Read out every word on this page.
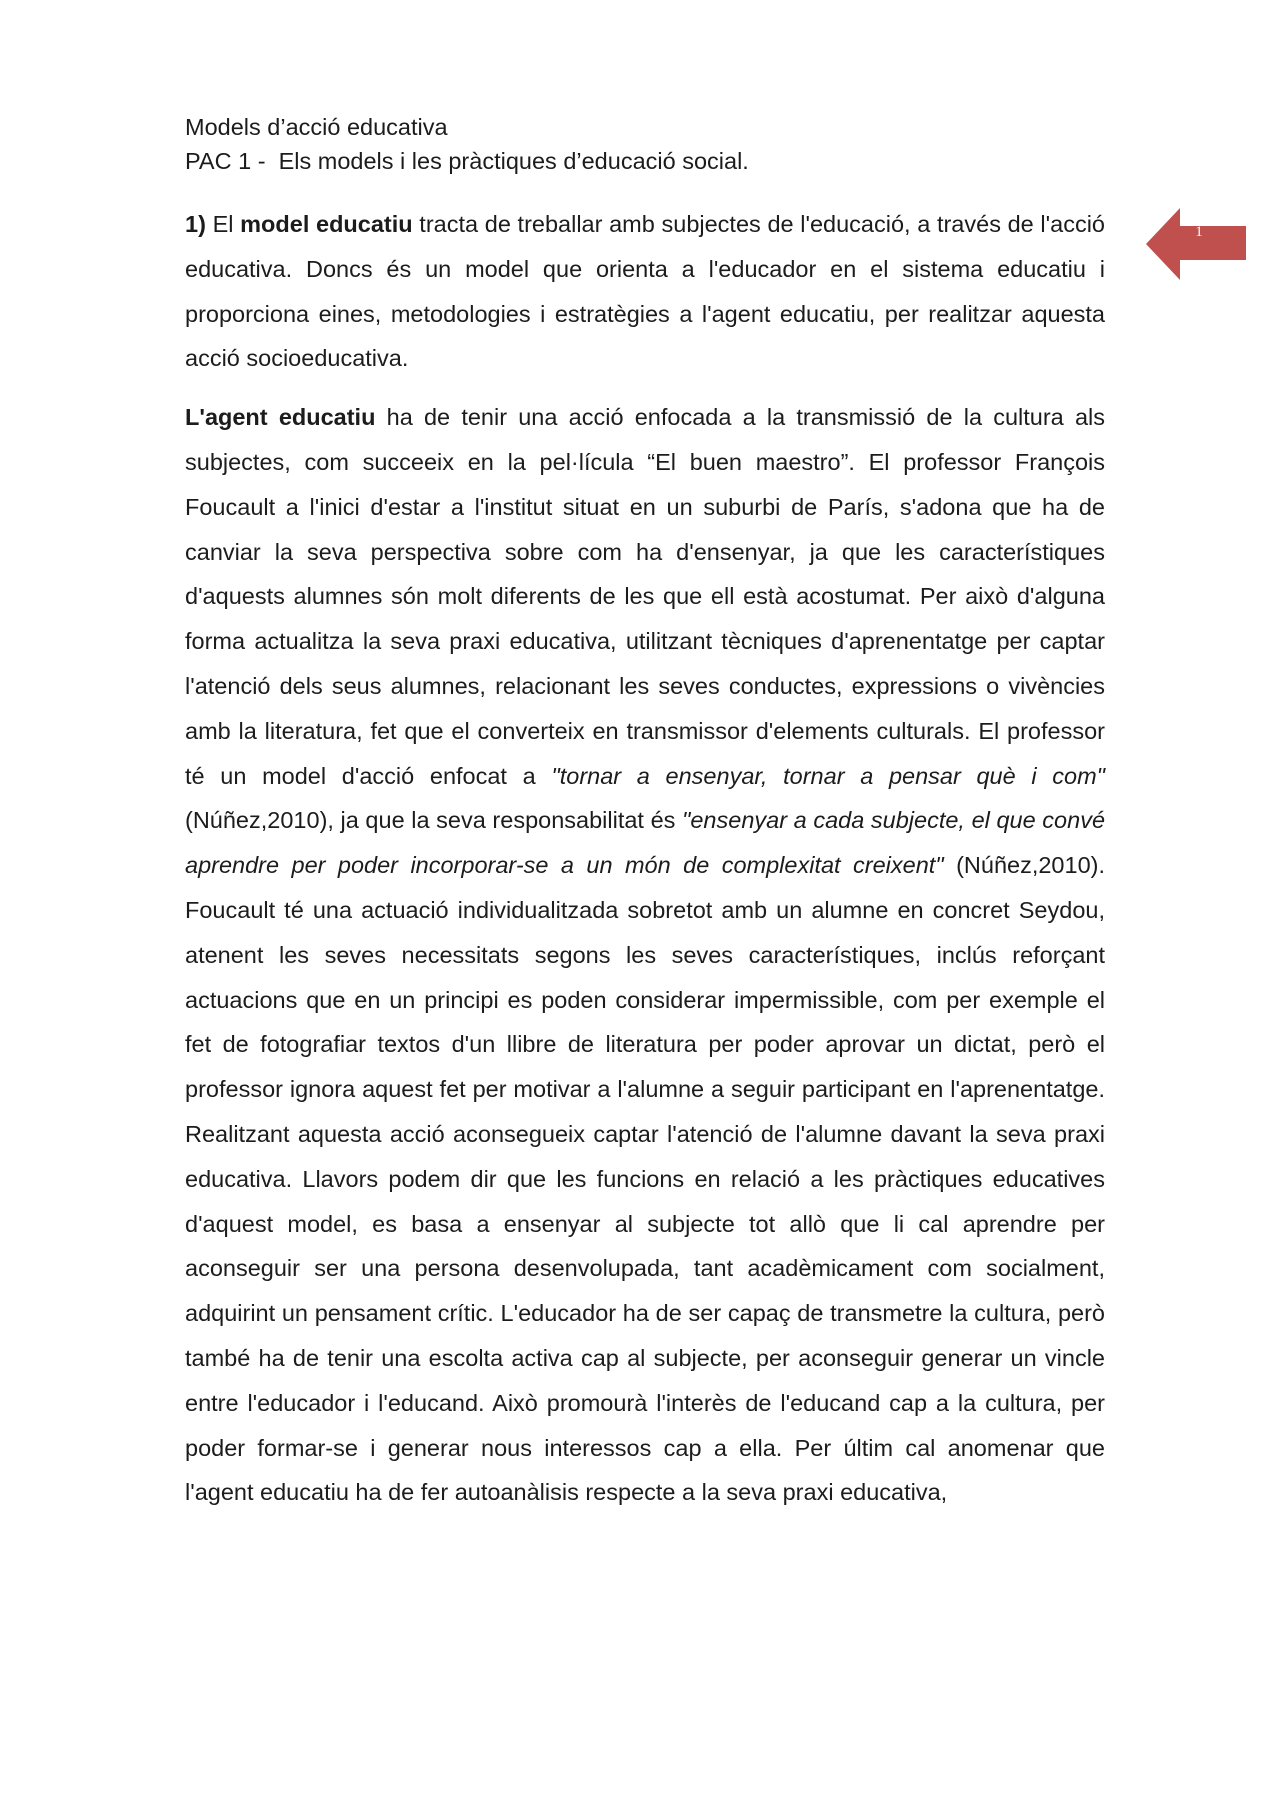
Models d’acció educativa
PAC 1 -  Els models i les pràctiques d’educació social.
1

1) El model educatiu tracta de treballar amb subjectes de l'educació, a través de l'acció educativa. Doncs és un model que orienta a l'educador en el sistema educatiu i proporciona eines, metodologies i estratègies a l'agent educatiu, per realitzar aquesta acció socioeducativa.

L'agent educatiu ha de tenir una acció enfocada a la transmissió de la cultura als subjectes, com succeeix en la pel·lícula “El buen maestro”. El professor François Foucault a l'inici d'estar a l'institut situat en un suburbi de París, s'adona que ha de canviar la seva perspectiva sobre com ha d'ensenyar, ja que les característiques d'aquests alumnes són molt diferents de les que ell està acostumat. Per això d'alguna forma actualitza la seva praxi educativa, utilitzant tècniques d'aprenentatge per captar l'atenció dels seus alumnes, relacionant les seves conductes, expressions o vivències amb la literatura, fet que el converteix en transmissor d'elements culturals. El professor té un model d'acció enfocat a "tornar a ensenyar, tornar a pensar què i com" (Núñez,2010), ja que la seva responsabilitat és "ensenyar a cada subjecte, el que convé aprendre per poder incorporar-se a un món de complexitat creixent" (Núñez,2010). Foucault té una actuació individualitzada sobretot amb un alumne en concret Seydou, atenent les seves necessitats segons les seves característiques, inclús reforçant actuacions que en un principi es poden considerar impermissible, com per exemple el fet de fotografiar textos d'un llibre de literatura per poder aprovar un dictat, però el professor ignora aquest fet per motivar a l'alumne a seguir participant en l'aprenentatge. Realitzant aquesta acció aconsegueix captar l'atenció de l'alumne davant la seva praxi educativa. Llavors podem dir que les funcions en relació a les pràctiques educatives d'aquest model, es basa a ensenyar al subjecte tot allò que li cal aprendre per aconseguir ser una persona desenvolupada, tant acadèmicament com socialment, adquirint un pensament crític. L'educador ha de ser capaç de transmetre la cultura, però també ha de tenir una escolta activa cap al subjecte, per aconseguir generar un vincle entre l'educador i l'educand. Això promourà l'interès de l'educand cap a la cultura, per poder formar-se i generar nous interessos cap a ella. Per últim cal anomenar que l'agent educatiu ha de fer autoanàlisis respecte a la seva praxi educativa,
